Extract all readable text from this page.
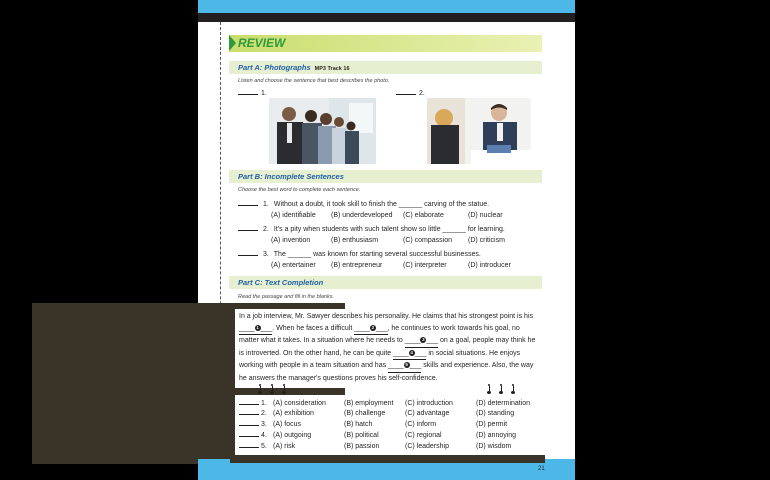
REVIEW
Part A: Photographs MP3 Track 16
Listen and choose the sentence that best describes the photo.
1.	2.
Part B: Incomplete Sentences
Choose the best word to complete each sentence.
1. Without a doubt, it took skill to finish the ______ carving of the statue.
(A) identifiable (B) underdeveloped (C) elaborate	(D) nuclear
2. It's a pity when students with such talent show so little ______ for learning.
(A) invention	(B) enthusiasm	(C) compassion (D) criticism
3. The ______ was known for starting several successful businesses.
(A) entertainer (B) entrepreneur	(C) interpreter	(D) introducer
Part C: Text Completion
Read the passage and fill in the blanks.
In a job interview, Mr. Sawyer describes his personality. He claims that his strongest point is his ____ 1 ___. When he faces a difficult ____ 2 ___, he continues to work towards his goal, no matter what it takes. In a situation where he needs to ____ 3 ___ on a goal, people may think he is introverted. On the other hand, he can be quite ____ 4 ___ in social situations. He enjoys working with people in a team situation and has ____ 5 ___ skills and experience. Also, the way he answers the manager's questions proves his self-confidence.
1. (A) consideration	(B) employment (C) introduction	(D) determination
2. (A) exhibition	(B) challenge	(C) advantage	(D) standing
3. (A) focus	(B) hatch	(C) inform	(D) permit
4. (A) outgoing	(B) political	(C) regional	(D) annoying
5. (A) risk	(B) passion	(C) leadership	(D) wisdom
21
